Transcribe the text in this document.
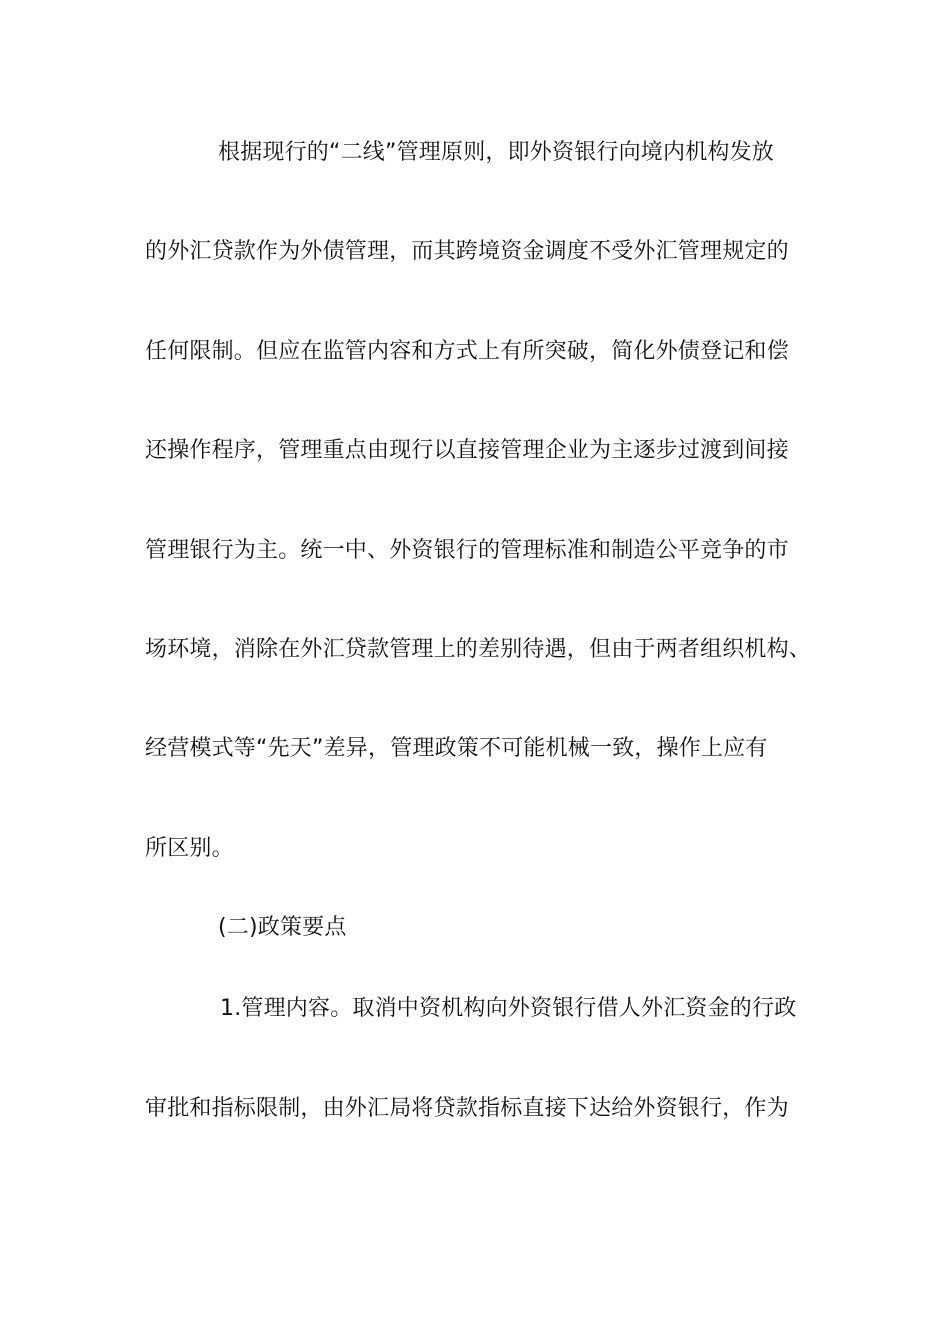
根据现行的“二线”管理原则，即外资银行向境内机构发放
的外汇贷款作为外债管理，而其跨境资金调度不受外汇管理规定的
任何限制。但应在监管内容和方式上有所突破，简化外债登记和偿
还操作程序，管理重点由现行以直接管理企业为主逐步过渡到间接
管理银行为主。统一中、外资银行的管理标准和制造公平竞争的市
场环境，消除在外汇贷款管理上的差别待遇，但由于两者组织机构、
经营模式等“先天”差异，管理政策不可能机械一致，操作上应有
所区别。
(二)政策要点
1.管理内容。取消中资机构向外资银行借人外汇资金的行政
审批和指标限制，由外汇局将贷款指标直接下达给外资银行，作为
